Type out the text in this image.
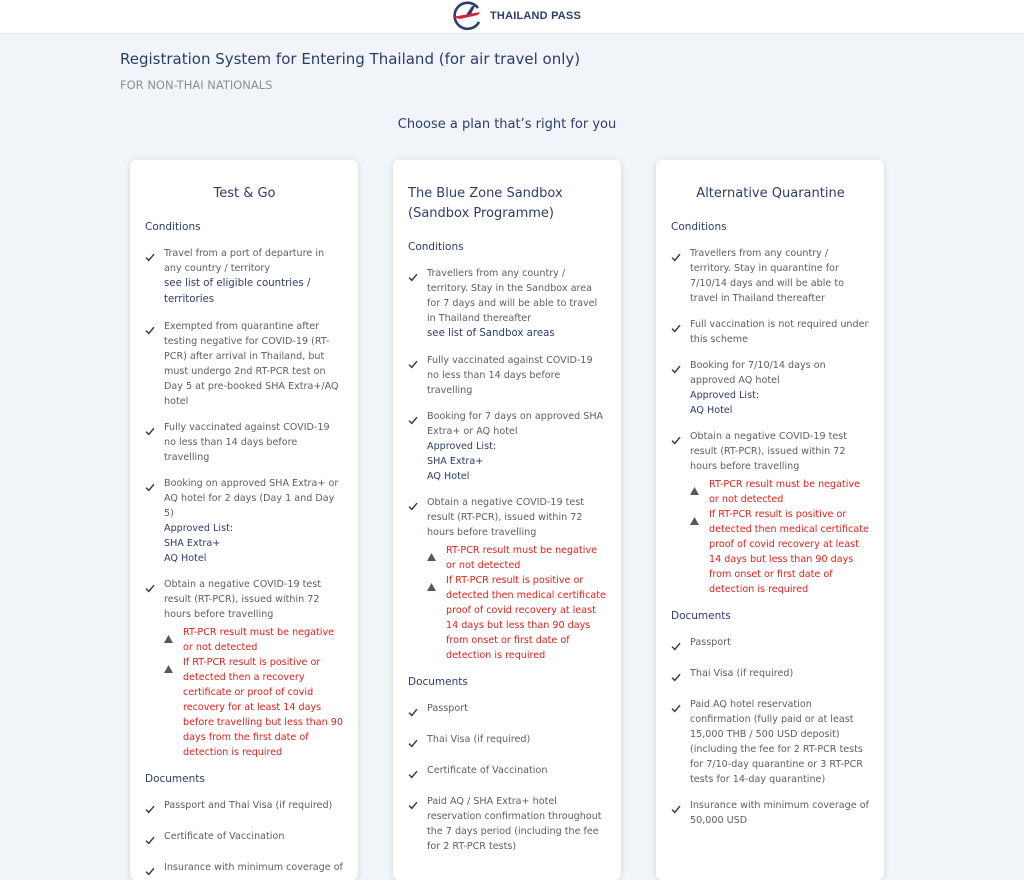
THAILAND PASS
Registration System for Entering Thailand (for air travel only)
FOR NON-THAI NATIONALS
Choose a plan that’s right for you
Test & Go
Conditions
Travel from a port of departure in any country / territory
see list of eligible countries / territories
Exempted from quarantine after testing negative for COVID-19 (RT-PCR) after arrival in Thailand, but must undergo 2nd RT-PCR test on Day 5 at pre-booked SHA Extra+/AQ hotel
Fully vaccinated against COVID-19 no less than 14 days before travelling
Booking on approved SHA Extra+ or AQ hotel for 2 days (Day 1 and Day 5)
Approved List:
SHA Extra+
AQ Hotel
Obtain a negative COVID-19 test result (RT-PCR), issued within 72 hours before travelling
RT-PCR result must be negative or not detected
If RT-PCR result is positive or detected then a recovery certificate or proof of covid recovery for at least 14 days before travelling but less than 90 days from the first date of detection is required
Documents
Passport and Thai Visa (if required)
Certificate of Vaccination
Insurance with minimum coverage of
The Blue Zone Sandbox (Sandbox Programme)
Conditions
Travellers from any country / territory. Stay in the Sandbox area for 7 days and will be able to travel in Thailand thereafter
see list of Sandbox areas
Fully vaccinated against COVID-19 no less than 14 days before travelling
Booking for 7 days on approved SHA Extra+ or AQ hotel
Approved List:
SHA Extra+
AQ Hotel
Obtain a negative COVID-19 test result (RT-PCR), issued within 72 hours before travelling
RT-PCR result must be negative or not detected
If RT-PCR result is positive or detected then medical certificate proof of covid recovery at least 14 days but less than 90 days from onset or first date of detection is required
Documents
Passport
Thai Visa (if required)
Certificate of Vaccination
Paid AQ / SHA Extra+ hotel reservation confirmation throughout the 7 days period (including the fee for 2 RT-PCR tests)
Alternative Quarantine
Conditions
Travellers from any country / territory. Stay in quarantine for 7/10/14 days and will be able to travel in Thailand thereafter
Full vaccination is not required under this scheme
Booking for 7/10/14 days on approved AQ hotel
Approved List:
AQ Hotel
Obtain a negative COVID-19 test result (RT-PCR), issued within 72 hours before travelling
RT-PCR result must be negative or not detected
If RT-PCR result is positive or detected then medical certificate proof of covid recovery at least 14 days but less than 90 days from onset or first date of detection is required
Documents
Passport
Thai Visa (if required)
Paid AQ hotel reservation confirmation (fully paid or at least 15,000 THB / 500 USD deposit) (including the fee for 2 RT-PCR tests for 7/10-day quarantine or 3 RT-PCR tests for 14-day quarantine)
Insurance with minimum coverage of 50,000 USD
